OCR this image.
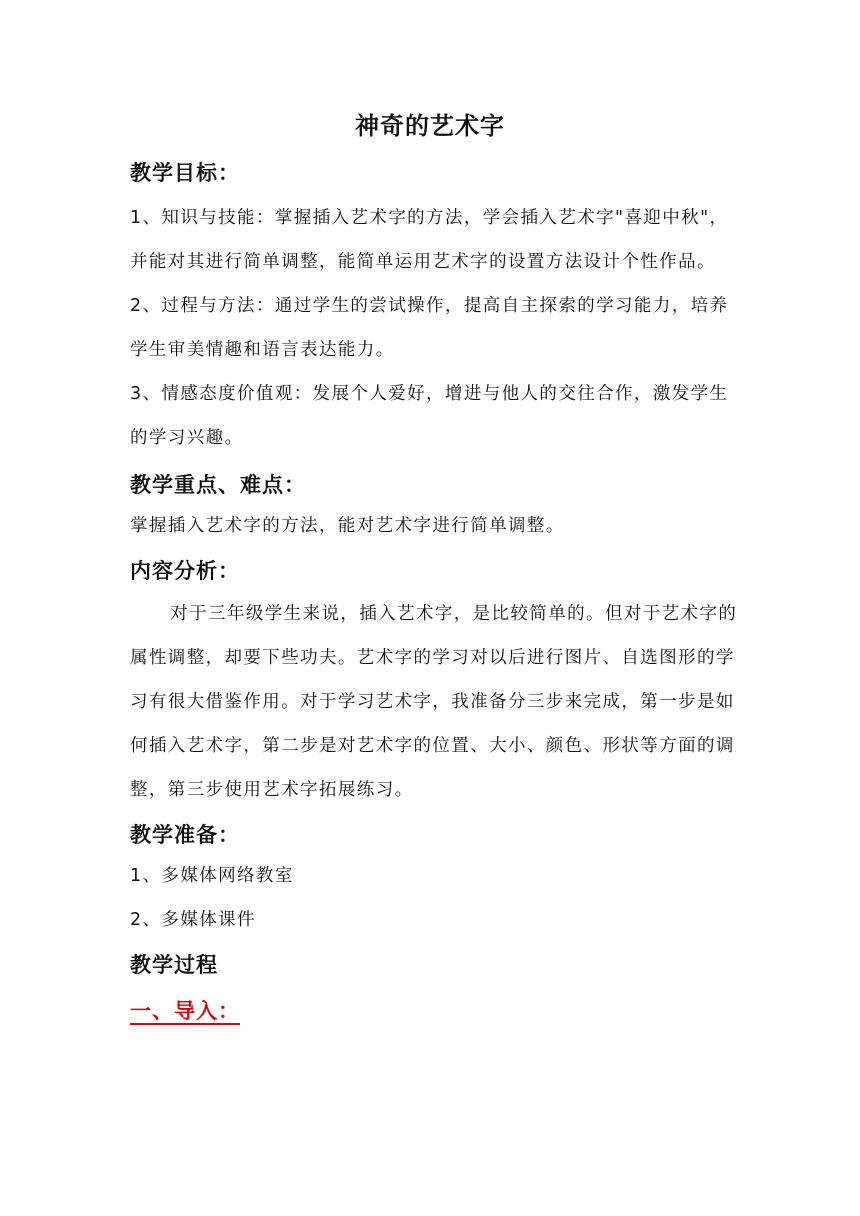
神奇的艺术字
教学目标：
1、知识与技能：掌握插入艺术字的方法，学会插入艺术字"喜迎中秋"，并能对其进行简单调整，能简单运用艺术字的设置方法设计个性作品。
2、过程与方法：通过学生的尝试操作，提高自主探索的学习能力，培养学生审美情趣和语言表达能力。
3、情感态度价值观：发展个人爱好，增进与他人的交往合作，激发学生的学习兴趣。
教学重点、难点：
掌握插入艺术字的方法，能对艺术字进行简单调整。
内容分析：
对于三年级学生来说，插入艺术字，是比较简单的。但对于艺术字的属性调整，却要下些功夫。艺术字的学习对以后进行图片、自选图形的学习有很大借鉴作用。对于学习艺术字，我准备分三步来完成，第一步是如何插入艺术字，第二步是对艺术字的位置、大小、颜色、形状等方面的调整，第三步使用艺术字拓展练习。
教学准备：
1、多媒体网络教室
2、多媒体课件
教学过程
一、导入：
